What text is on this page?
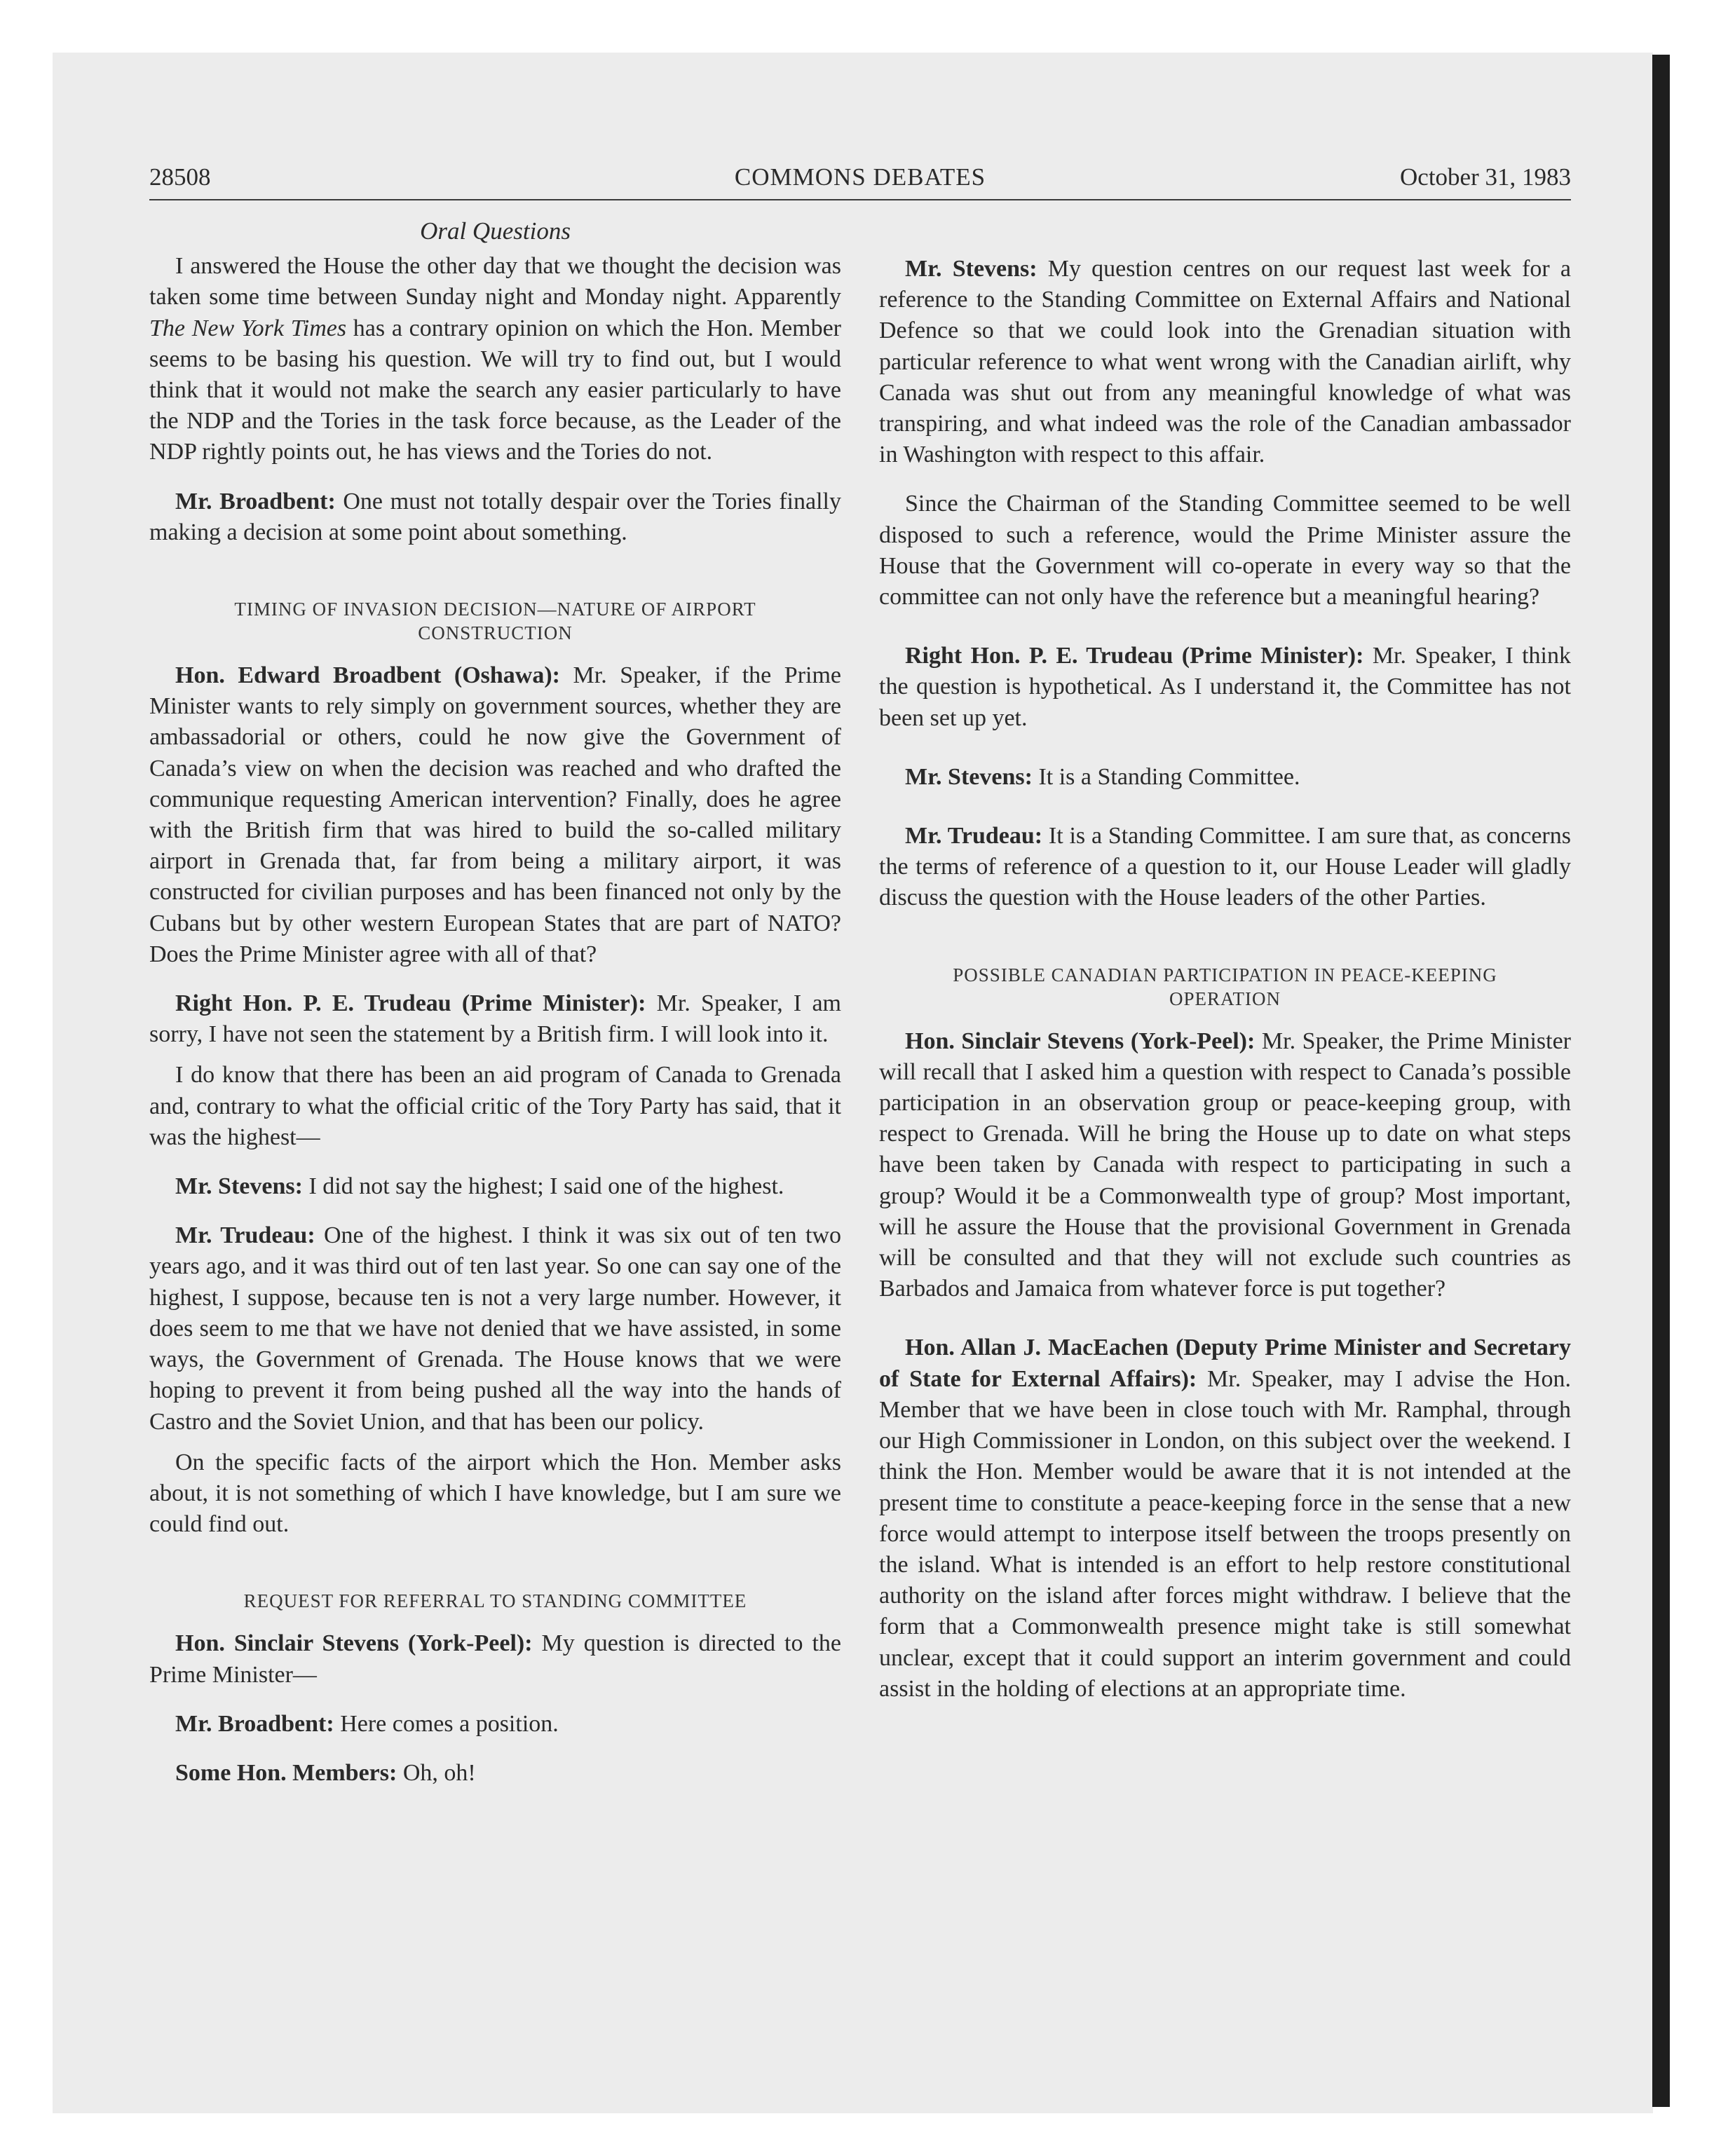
28508	COMMONS DEBATES	October 31, 1983
Oral Questions

I answered the House the other day that we thought the decision was taken some time between Sunday night and Monday night. Apparently The New York Times has a contrary opinion on which the Hon. Member seems to be basing his question. We will try to find out, but I would think that it would not make the search any easier particularly to have the NDP and the Tories in the task force because, as the Leader of the NDP rightly points out, he has views and the Tories do not.

Mr. Broadbent: One must not totally despair over the Tories finally making a decision at some point about something.

TIMING OF INVASION DECISION—NATURE OF AIRPORT CONSTRUCTION

Hon. Edward Broadbent (Oshawa): Mr. Speaker, if the Prime Minister wants to rely simply on government sources, whether they are ambassadorial or others, could he now give the Government of Canada’s view on when the decision was reached and who drafted the communique requesting American intervention? Finally, does he agree with the British firm that was hired to build the so-called military airport in Grenada that, far from being a military airport, it was constructed for civilian purposes and has been financed not only by the Cubans but by other western European States that are part of NATO? Does the Prime Minister agree with all of that?

Right Hon. P. E. Trudeau (Prime Minister): Mr. Speaker, I am sorry, I have not seen the statement by a British firm. I will look into it.

I do know that there has been an aid program of Canada to Grenada and, contrary to what the official critic of the Tory Party has said, that it was the highest—

Mr. Stevens: I did not say the highest; I said one of the highest.

Mr. Trudeau: One of the highest. I think it was six out of ten two years ago, and it was third out of ten last year. So one can say one of the highest, I suppose, because ten is not a very large number. However, it does seem to me that we have not denied that we have assisted, in some ways, the Government of Grenada. The House knows that we were hoping to prevent it from being pushed all the way into the hands of Castro and the Soviet Union, and that has been our policy.

On the specific facts of the airport which the Hon. Member asks about, it is not something of which I have knowledge, but I am sure we could find out.

REQUEST FOR REFERRAL TO STANDING COMMITTEE

Hon. Sinclair Stevens (York-Peel): My question is directed to the Prime Minister—

Mr. Broadbent: Here comes a position.

Some Hon. Members: Oh, oh!

Mr. Stevens: My question centres on our request last week for a reference to the Standing Committee on External Affairs and National Defence so that we could look into the Grenadian situation with particular reference to what went wrong with the Canadian airlift, why Canada was shut out from any meaningful knowledge of what was transpiring, and what indeed was the role of the Canadian ambassador in Washington with respect to this affair.

Since the Chairman of the Standing Committee seemed to be well disposed to such a reference, would the Prime Minister assure the House that the Government will co-operate in every way so that the committee can not only have the reference but a meaningful hearing?

Right Hon. P. E. Trudeau (Prime Minister): Mr. Speaker, I think the question is hypothetical. As I understand it, the Committee has not been set up yet.

Mr. Stevens: It is a Standing Committee.

Mr. Trudeau: It is a Standing Committee. I am sure that, as concerns the terms of reference of a question to it, our House Leader will gladly discuss the question with the House leaders of the other Parties.

POSSIBLE CANADIAN PARTICIPATION IN PEACE-KEEPING OPERATION

Hon. Sinclair Stevens (York-Peel): Mr. Speaker, the Prime Minister will recall that I asked him a question with respect to Canada’s possible participation in an observation group or peace-keeping group, with respect to Grenada. Will he bring the House up to date on what steps have been taken by Canada with respect to participating in such a group? Would it be a Commonwealth type of group? Most important, will he assure the House that the provisional Government in Grenada will be consulted and that they will not exclude such countries as Barbados and Jamaica from whatever force is put together?

Hon. Allan J. MacEachen (Deputy Prime Minister and Secretary of State for External Affairs): Mr. Speaker, may I advise the Hon. Member that we have been in close touch with Mr. Ramphal, through our High Commissioner in London, on this subject over the weekend. I think the Hon. Member would be aware that it is not intended at the present time to constitute a peace-keeping force in the sense that a new force would attempt to interpose itself between the troops presently on the island. What is intended is an effort to help restore constitutional authority on the island after forces might withdraw. I believe that the form that a Commonwealth presence might take is still somewhat unclear, except that it could support an interim government and could assist in the holding of elections at an appropriate time.
